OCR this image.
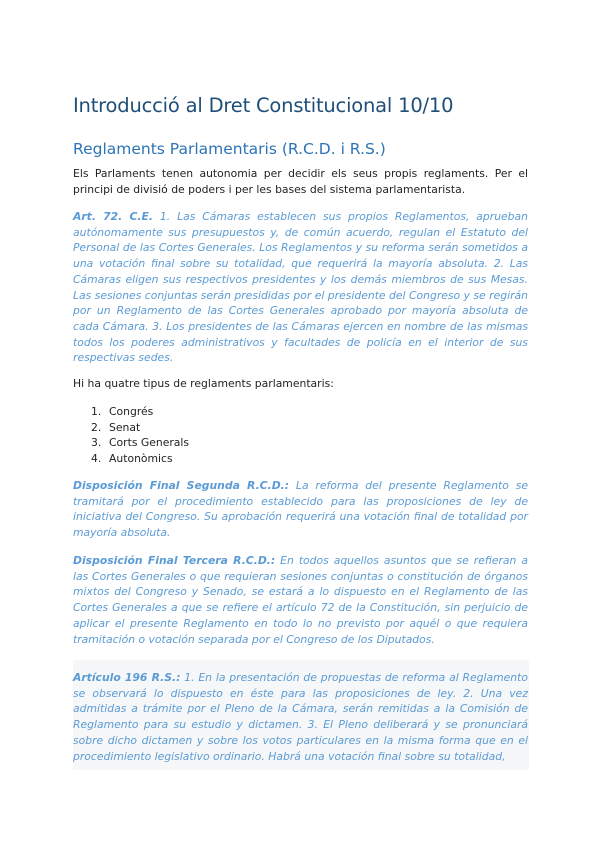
Introducció al Dret Constitucional 10/10
Reglaments Parlamentaris (R.C.D. i R.S.)

Els Parlaments tenen autonomia per decidir els seus propis reglaments. Per el principi de divisió de poders i per les bases del sistema parlamentarista.

Art. 72. C.E. 1. Las Cámaras establecen sus propios Reglamentos, aprueban autónomamente sus presupuestos y, de común acuerdo, regulan el Estatuto del Personal de las Cortes Generales. Los Reglamentos y su reforma serán sometidos a una votación final sobre su totalidad, que requerirá la mayoría absoluta. 2. Las Cámaras eligen sus respectivos presidentes y los demás miembros de sus Mesas. Las sesiones conjuntas serán presididas por el presidente del Congreso y se regirán por un Reglamento de las Cortes Generales aprobado por mayoría absoluta de cada Cámara. 3. Los presidentes de las Cámaras ejercen en nombre de las mismas todos los poderes administrativos y facultades de policía en el interior de sus respectivas sedes.

Hi ha quatre tipus de reglaments parlamentaris:

1. Congrés
2. Senat
3. Corts Generals
4. Autonòmics

Disposición Final Segunda R.C.D.: La reforma del presente Reglamento se tramitará por el procedimiento establecido para las proposiciones de ley de iniciativa del Congreso. Su aprobación requerirá una votación final de totalidad por mayoría absoluta.

Disposición Final Tercera R.C.D.: En todos aquellos asuntos que se refieran a las Cortes Generales o que requieran sesiones conjuntas o constitución de órganos mixtos del Congreso y Senado, se estará a lo dispuesto en el Reglamento de las Cortes Generales a que se refiere el artículo 72 de la Constitución, sin perjuicio de aplicar el presente Reglamento en todo lo no previsto por aquél o que requiera tramitación o votación separada por el Congreso de los Diputados.

Artículo 196 R.S.: 1. En la presentación de propuestas de reforma al Reglamento se observará lo dispuesto en éste para las proposiciones de ley. 2. Una vez admitidas a trámite por el Pleno de la Cámara, serán remitidas a la Comisión de Reglamento para su estudio y dictamen. 3. El Pleno deliberará y se pronunciará sobre dicho dictamen y sobre los votos particulares en la misma forma que en el procedimiento legislativo ordinario. Habrá una votación final sobre su totalidad,
